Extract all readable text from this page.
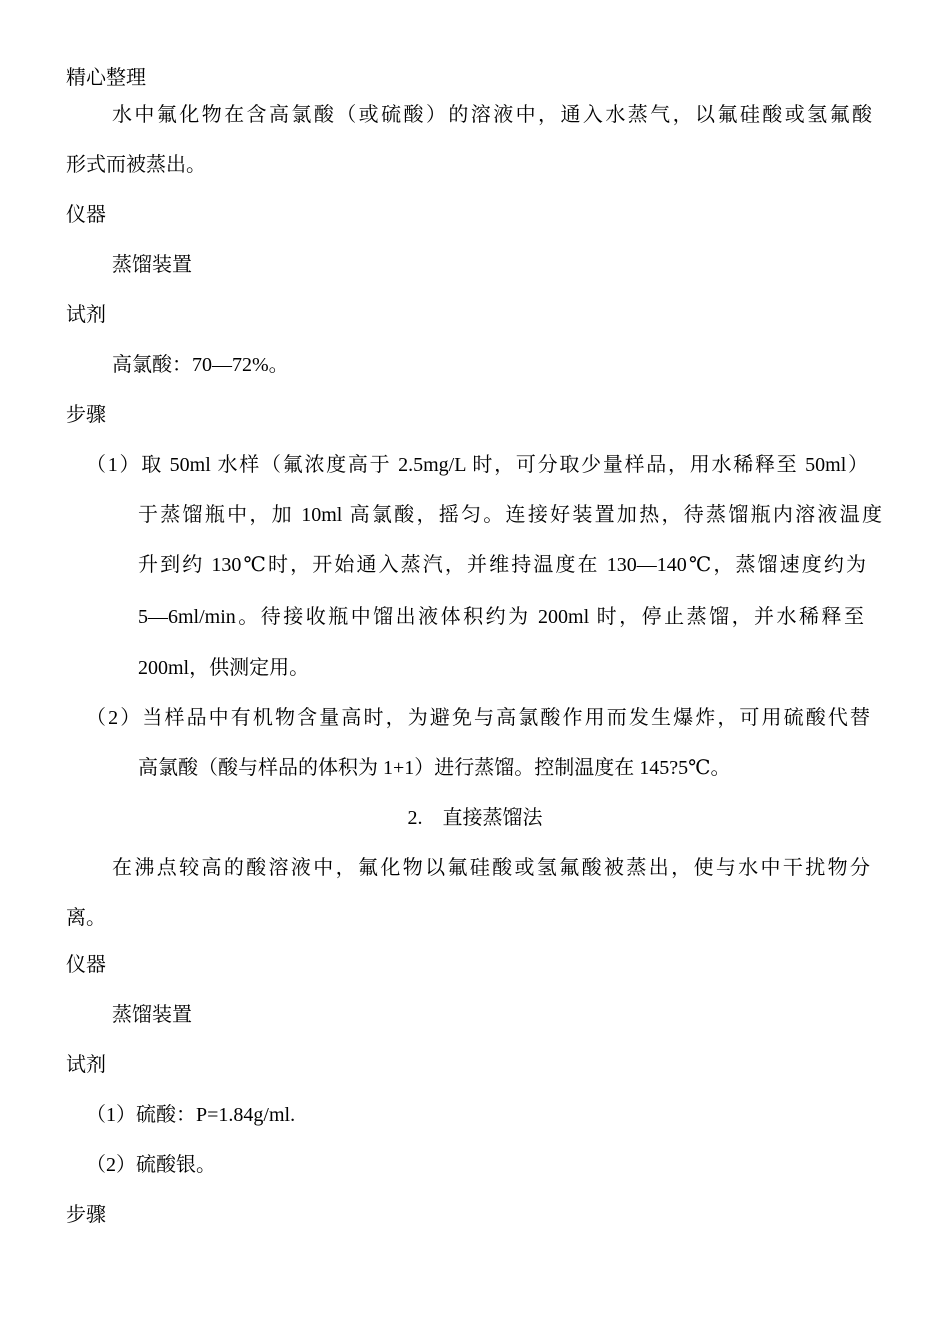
精心整理
水中氟化物在含高氯酸（或硫酸）的溶液中，通入水蒸气，以氟硅酸或氢氟酸
形式而被蒸出。
仪器
蒸馏装置
试剂
高氯酸：70—72%。
步骤
（1）取 50ml 水样（氟浓度高于 2.5mg/L 时，可分取少量样品，用水稀释至 50ml）
于蒸馏瓶中，加 10ml 高氯酸，摇匀。连接好装置加热，待蒸馏瓶内溶液温度
升到约 130℃时，开始通入蒸汽，并维持温度在 130—140℃，蒸馏速度约为
5—6ml/min。待接收瓶中馏出液体积约为 200ml 时，停止蒸馏，并水稀释至
200ml，供测定用。
（2）当样品中有机物含量高时，为避免与高氯酸作用而发生爆炸，可用硫酸代替
高氯酸（酸与样品的体积为 1+1）进行蒸馏。控制温度在 145?5℃。
2.　直接蒸馏法
在沸点较高的酸溶液中，氟化物以氟硅酸或氢氟酸被蒸出，使与水中干扰物分
离。
仪器
蒸馏装置
试剂
（1）硫酸：P=1.84g/ml.
（2）硫酸银。
步骤
